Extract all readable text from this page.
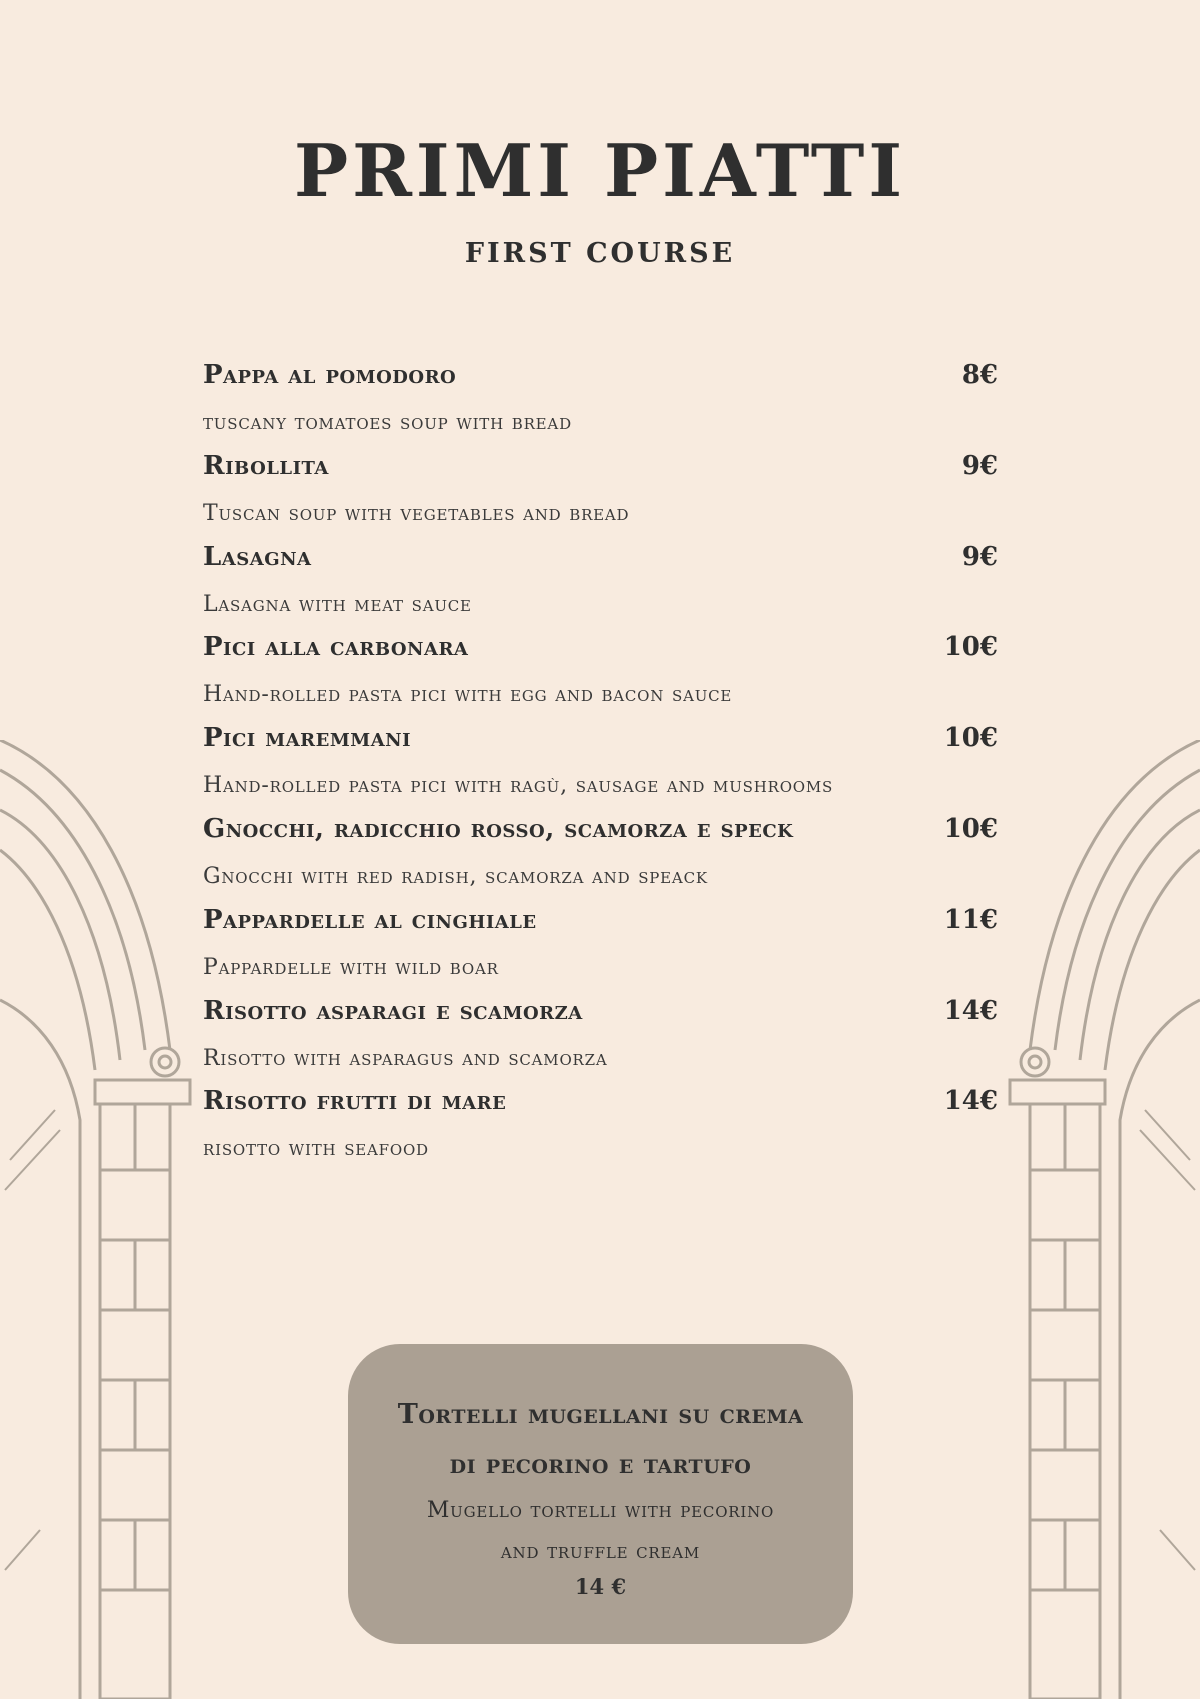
PRIMI PIATTI
FIRST COURSE
Pappa al pomodoro	8€
tuscany tomatoes soup with bread
Ribollita	9€
Tuscan soup with vegetables and bread
Lasagna	9€
Lasagna with meat sauce
Pici alla carbonara	10€
Hand-rolled pasta pici with egg and bacon sauce
Pici maremmani	10€
Hand-rolled pasta pici with ragù, sausage and mushrooms
Gnocchi, radicchio rosso, scamorza e speck	10€
Gnocchi with red radish, scamorza and speack
Pappardelle al cinghiale	11€
Pappardelle with wild boar
Risotto asparagi e scamorza	14€
Risotto with asparagus and scamorza
Risotto frutti di mare	14€
risotto with seafood
Tortelli mugellani su crema
di pecorino e tartufo
Mugello tortelli with pecorino
and truffle cream
14 €
